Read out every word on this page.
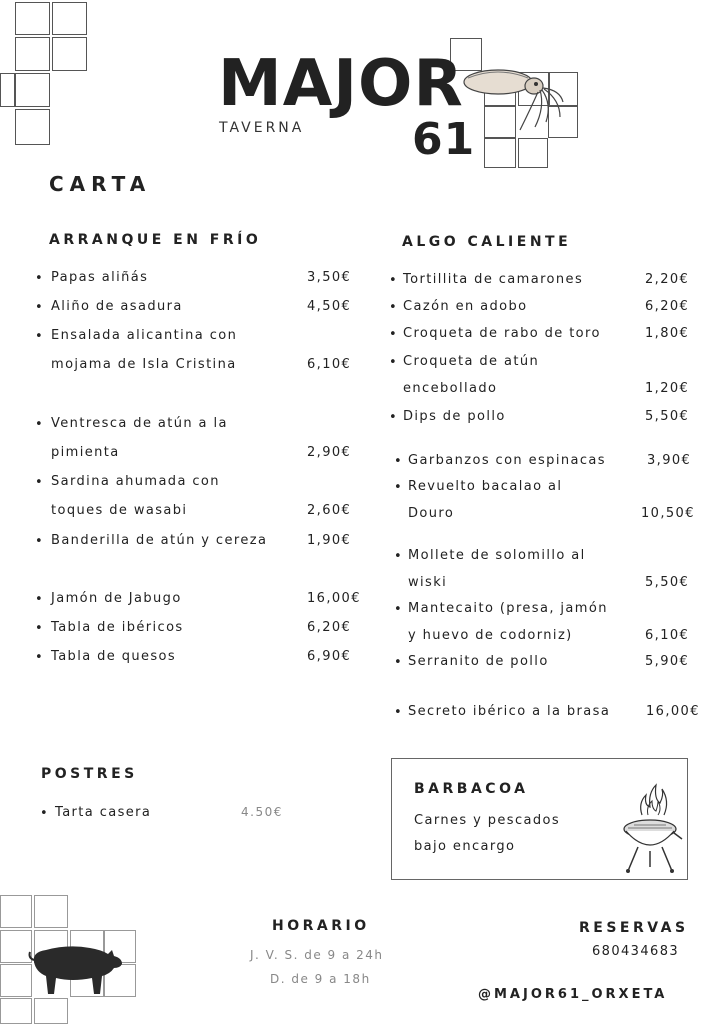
MAJOR
61
TAVERNA
CARTA
ARRANQUE EN FRÍO
• Papas aliñás	3,50€
• Aliño de asadura	4,50€
• Ensalada alicantina con
mojama de Isla Cristina	6,10€
• Ventresca de atún a la
pimienta	2,90€
• Sardina ahumada con
toques de wasabi	2,60€
• Banderilla de atún y cereza	1,90€
• Jamón de Jabugo	16,00€
• Tabla de ibéricos	6,20€
• Tabla de quesos	6,90€
ALGO CALIENTE
• Tortillita de camarones	2,20€
• Cazón en adobo	6,20€
• Croqueta de rabo de toro	1,80€
• Croqueta de atún
encebollado	1,20€
• Dips de pollo	5,50€
• Garbanzos con espinacas	3,90€
• Revuelto bacalao al
Douro	10,50€
• Mollete de solomillo al
wiski	5,50€
• Mantecaito (presa, jamón
y huevo de codorniz)	6,10€
• Serranito de pollo	5,90€
• Secreto ibérico a la brasa	16,00€
POSTRES
• Tarta casera	4.50€
BARBACOA
Carnes y pescados
bajo encargo
HORARIO
J. V. S. de 9 a 24h
D. de 9 a 18h
RESERVAS
680434683
@MAJOR61_ORXETA
